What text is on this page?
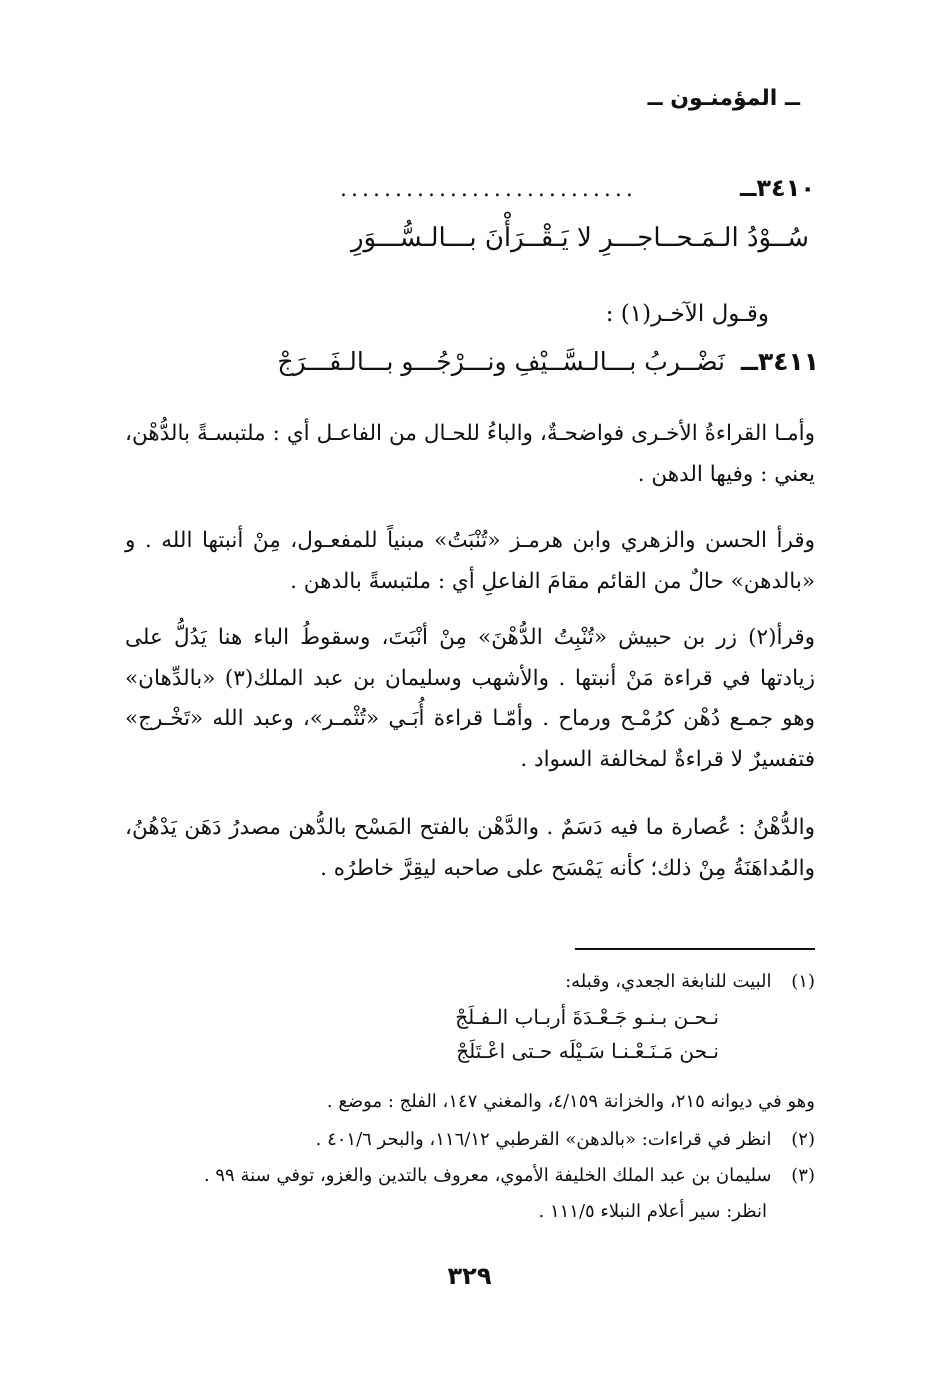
ــ المؤمنـون ــ
٣٤١٠ــ
...........................
سُــوْدُ الـمَـحــاجـــرِ لا يَـقْــرَأْنَ بـــالـسُّـــوَرِ
وقـول الآخـر(١) :
٣٤١١ــ نَضْــربُ بـــالـسَّــيْفِ ونـــرْجُـــو بـــالـفَـــرَجْ
وأمـا القراءةُ الأخـرى فواضحـةٌ، والباءُ للحـال من الفاعـل أي : ملتبسـةً بالدُّهْن، يعني : وفيها الدهن .
وقرأ الحسن والزهري وابن هرمـز «تُنْبَتُ» مبنياً للمفعـول، مِنْ أنبتها الله . و «بالدهن» حالٌ من القائم مقامَ الفاعلِ أي : ملتبسةً بالدهن .
وقرأ(٢) زر بن حبيش «تُنْبِتُ الدُّهْنَ» مِنْ أنْبَتَ، وسقوطُ الباء هنا يَدُلُّ على زيادتها في قراءة مَنْ أنبتها . والأشهب وسليمان بن عبد الملك(٣) «بالدِّهان» وهو جمـع دُهْن كرُمْـح ورماح . وأمّـا قراءة أُبَـي «تُثْمـر»، وعبد الله «تَخْـرج» فتفسيرٌ لا قراءةٌ لمخالفة السواد .
والدُّهْنُ : عُصارة ما فيه دَسَمٌ . والدَّهْن بالفتح المَسْح بالدُّهن مصدرُ دَهَن يَدْهُنُ، والمُداهَنَةُ مِنْ ذلك؛ كأنه يَمْسَح على صاحبه ليقِرَّ خاطرُه .
(١) البيت للنابغة الجعدي، وقبله:
نـحـن بـنـو جَـعْـدَةَ أربـاب الـفـلَجْ
نـحن مَـنَـعْـنـا سَـيْلَه حـتى اعْـتَلَجْ
وهو في ديوانه ٢١٥، والخزانة ٤/١٥٩، والمغني ١٤٧، الفلج : موضع .
(٢) انظر في قراءات: «بالدهن» القرطبي ١١٦/١٢، والبحر ٤٠١/٦ .
(٣) سليمان بن عبد الملك الخليفة الأموي، معروف بالتدين والغزو، توفي سنة ٩٩ .
انظر: سير أعلام النبلاء ١١١/٥ .
٣٢٩
